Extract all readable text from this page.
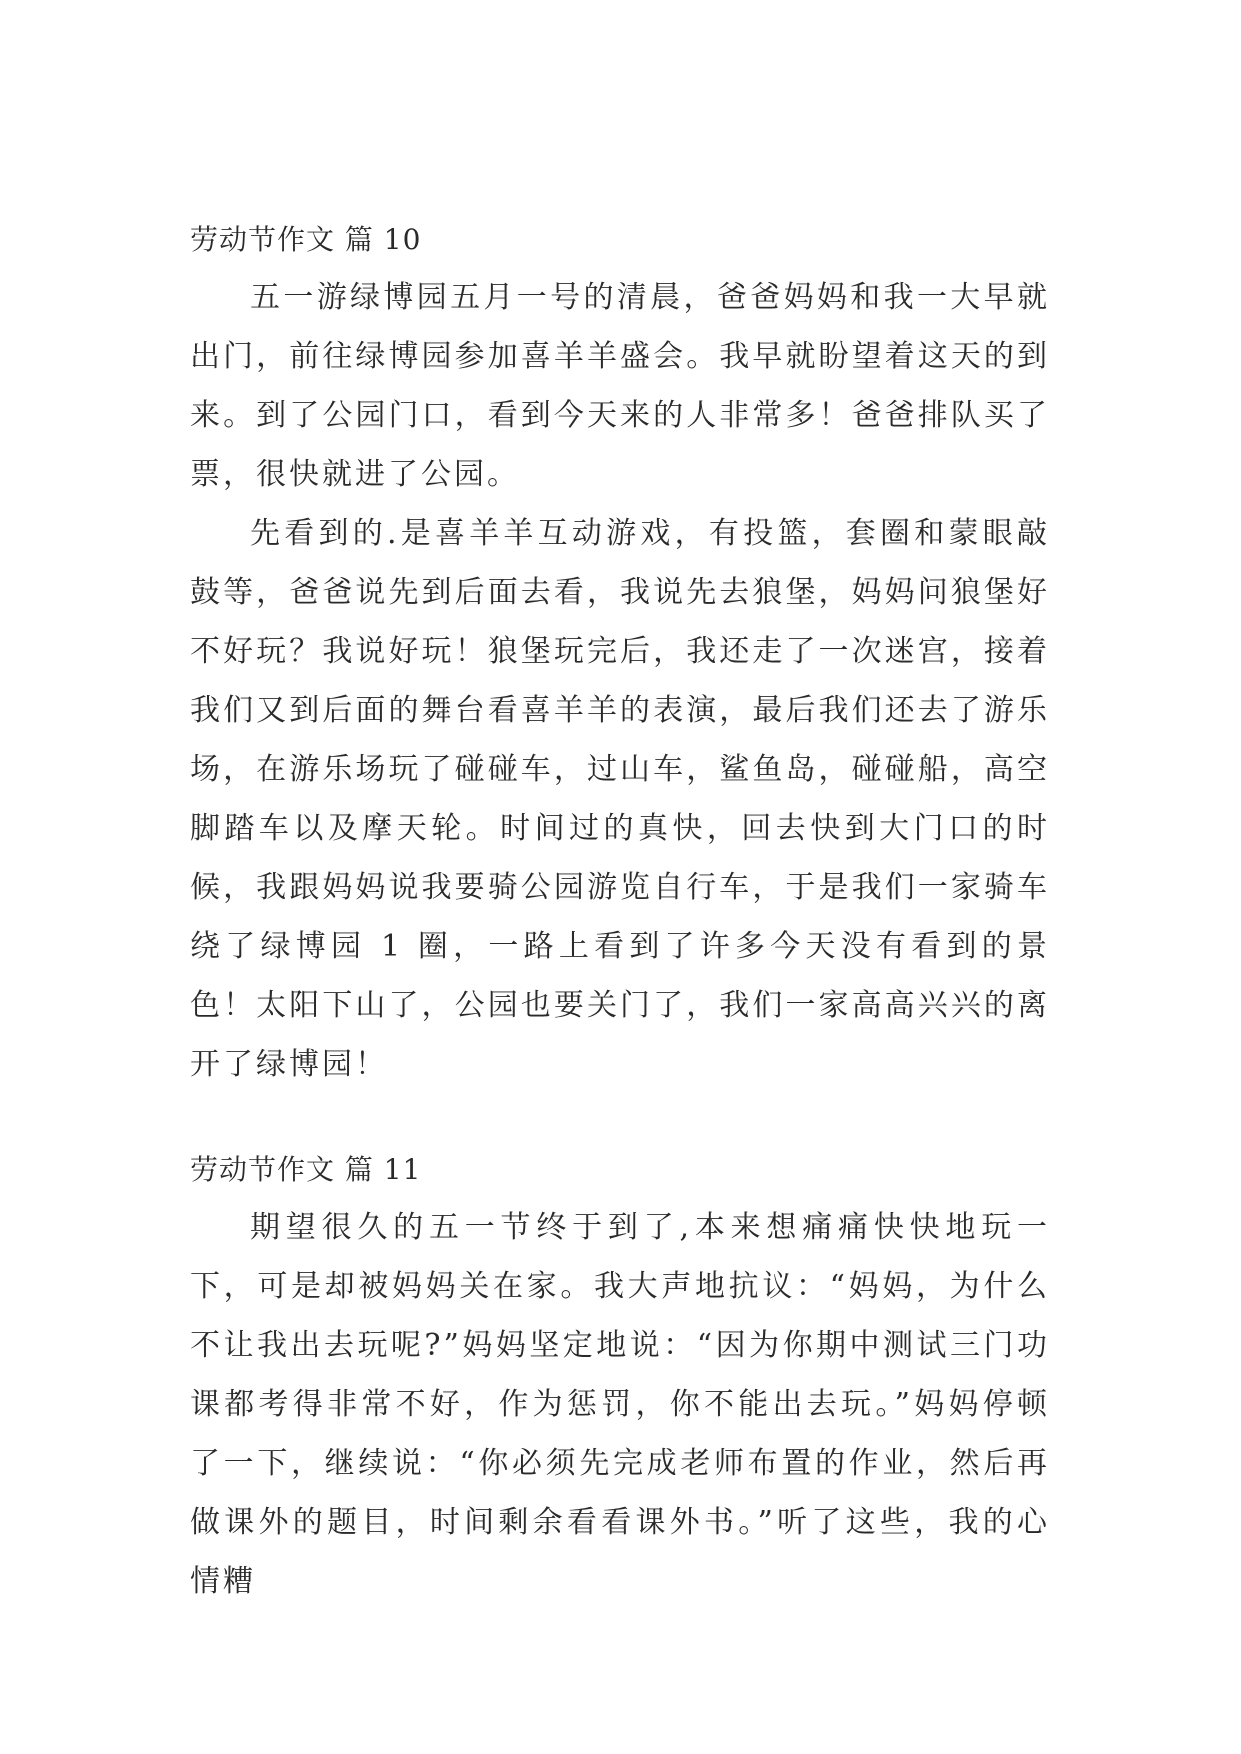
劳动节作文 篇 10

五一游绿博园五月一号的清晨，爸爸妈妈和我一大早就出门，前往绿博园参加喜羊羊盛会。我早就盼望着这天的到来。到了公园门口，看到今天来的人非常多！爸爸排队买了票，很快就进了公园。

先看到的.是喜羊羊互动游戏，有投篮，套圈和蒙眼敲鼓等，爸爸说先到后面去看，我说先去狼堡，妈妈问狼堡好不好玩？我说好玩！狼堡玩完后，我还走了一次迷宫，接着我们又到后面的舞台看喜羊羊的表演，最后我们还去了游乐场，在游乐场玩了碰碰车，过山车，鲨鱼岛，碰碰船，高空脚踏车以及摩天轮。时间过的真快，回去快到大门口的时候，我跟妈妈说我要骑公园游览自行车，于是我们一家骑车绕了绿博园 1 圈，一路上看到了许多今天没有看到的景色！太阳下山了，公园也要关门了，我们一家高高兴兴的离开了绿博园！

劳动节作文 篇 11

期望很久的五一节终于到了,本来想痛痛快快地玩一下，可是却被妈妈关在家。我大声地抗议：“妈妈，为什么不让我出去玩呢?”妈妈坚定地说：“因为你期中测试三门功课都考得非常不好，作为惩罚，你不能出去玩。”妈妈停顿了一下，继续说：“你必须先完成老师布置的作业，然后再做课外的题目，时间剩余看看课外书。”听了这些，我的心情糟
